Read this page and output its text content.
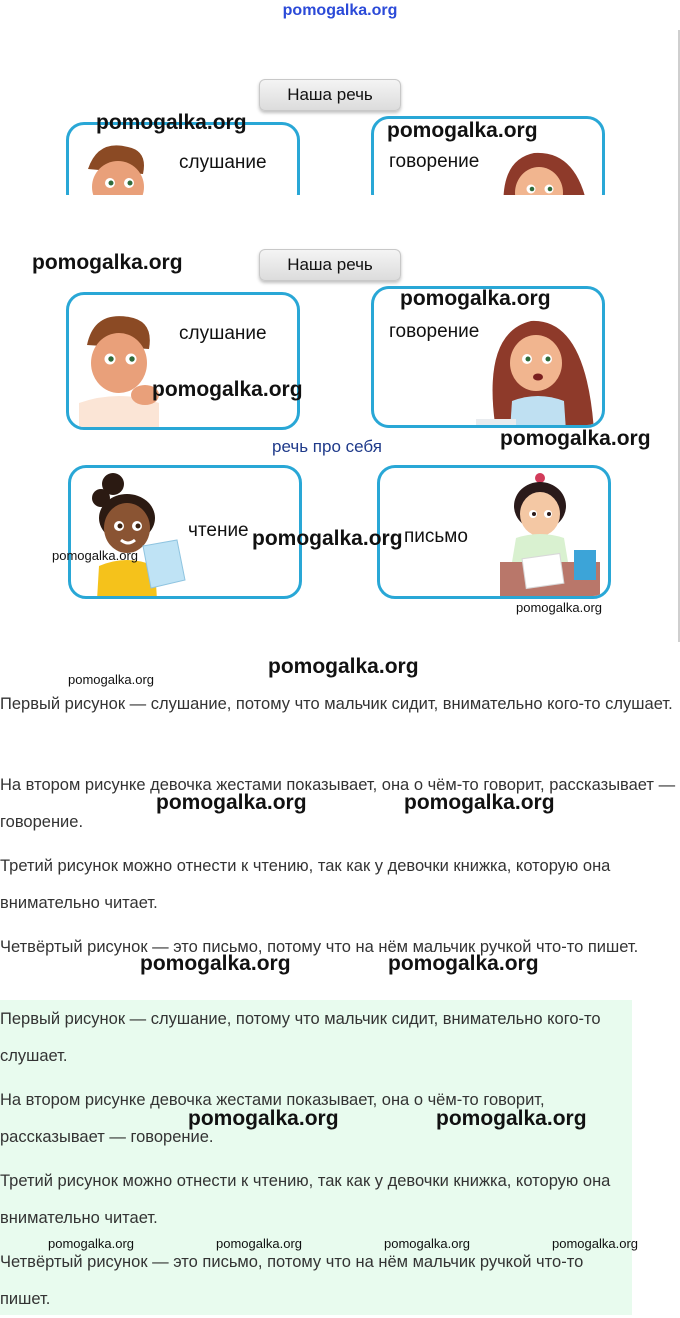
pomogalka.org
Наша речь
слушание	говорение
Наша речь
слушание	говорение
речь про себя
чтение	письмо
Первый рисунок — слушание, потому что мальчик сидит, внимательно кого-то слушает.
На втором рисунке девочка жестами показывает, она о чём-то говорит, рассказывает — говорение.
Третий рисунок можно отнести к чтению, так как у девочки книжка, которую она внимательно читает.
Четвёртый рисунок — это письмо, потому что на нём мальчик ручкой что-то пишет.
Первый рисунок — слушание, потому что мальчик сидит, внимательно кого-то слушает.
На втором рисунке девочка жестами показывает, она о чём-то говорит, рассказывает — говорение.
Третий рисунок можно отнести к чтению, так как у девочки книжка, которую она внимательно читает.
Четвёртый рисунок — это письмо, потому что на нём мальчик ручкой что-то пишет.
pomogalka.org	pomogalka.org
pomogalka.org
pomogalka.org
pomogalka.org
pomogalka.org
pomogalka.org
pomogalka.org
pomogalka.org
pomogalka.org
pomogalka.org
pomogalka.org	pomogalka.org
pomogalka.org	pomogalka.org
pomogalka.org	pomogalka.org
pomogalka.org	pomogalka.org	pomogalka.org	pomogalka.org
